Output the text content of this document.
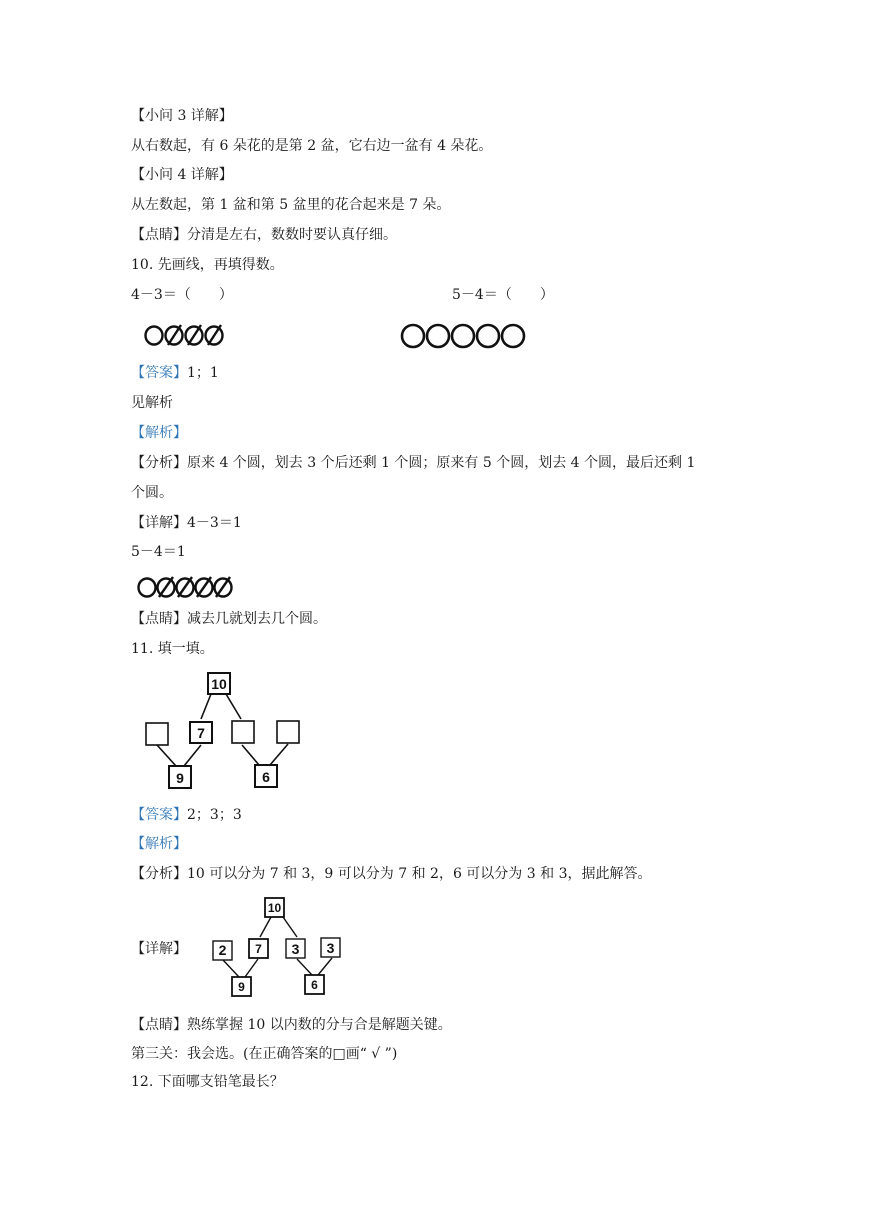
【小问 3 详解】
从右数起，有 6 朵花的是第 2 盆，它右边一盆有 4 朵花。
【小问 4 详解】
从左数起，第 1 盆和第 5 盆里的花合起来是 7 朵。
【点睛】分清是左右，数数时要认真仔细。
10. 先画线，再填得数。
4－3＝（　　）	5－4＝（　　）
【答案】1；1
见解析
【解析】
【分析】原来 4 个圆，划去 3 个后还剩 1 个圆；原来有 5 个圆，划去 4 个圆，最后还剩 1
个圆。
【详解】4－3＝1
5－4＝1
【点睛】减去几就划去几个圆。
11. 填一填。
10
7
9	6
【答案】2；3；3
【解析】
【分析】10 可以分为 7 和 3，9 可以分为 7 和 2，6 可以分为 3 和 3，据此解答。
【详解】
10
2 7 3 3
9	6
【点睛】熟练掌握 10 以内数的分与合是解题关键。
第三关：我会选。(在正确答案的□画“ √ ”)
12. 下面哪支铅笔最长？
